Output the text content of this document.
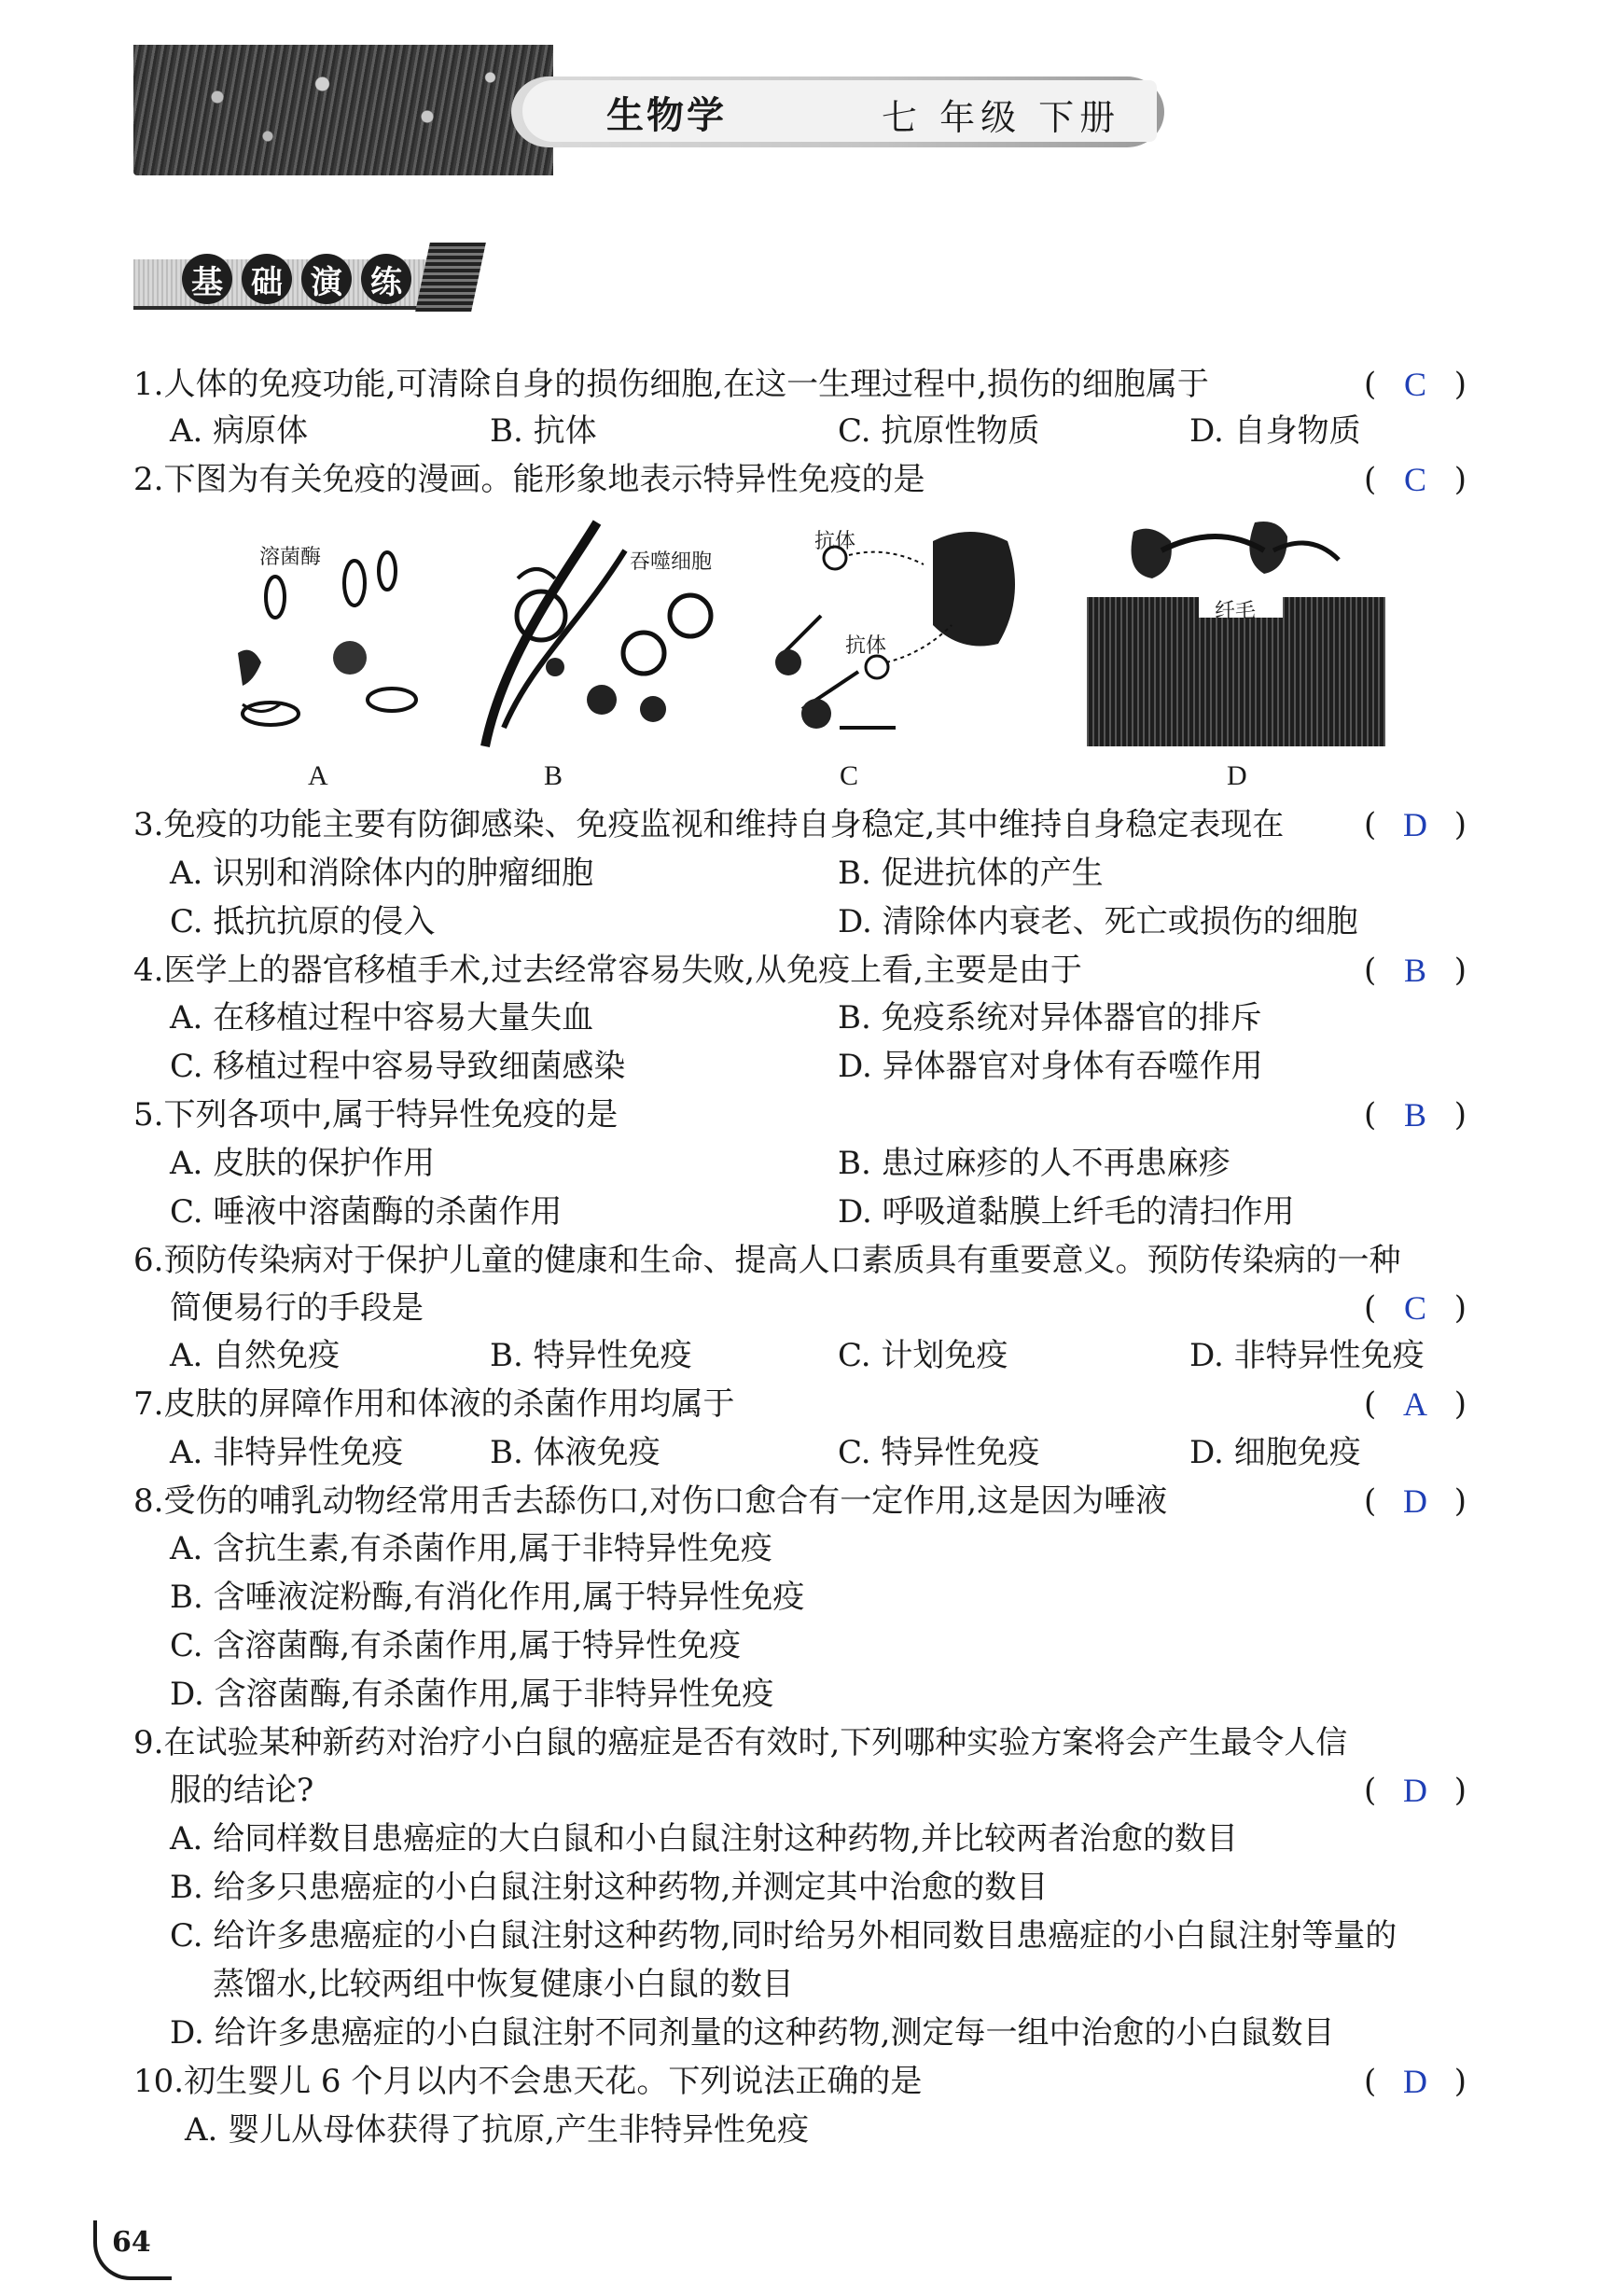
生物学	七 年级 下册
基 础 演 练
1.人体的免疫功能,可清除自身的损伤细胞,在这一生理过程中,损伤的细胞属于	( C )
A. 病原体	B. 抗体	C. 抗原性物质	D. 自身物质
2.下图为有关免疫的漫画。能形象地表示特异性免疫的是	( C )
溶菌酶	吞噬细胞
抗体
抗体
纤毛
A	B	C	D
3.免疫的功能主要有防御感染、免疫监视和维持自身稳定,其中维持自身稳定表现在	( D )
A. 识别和消除体内的肿瘤细胞	B. 促进抗体的产生
C. 抵抗抗原的侵入	D. 清除体内衰老、死亡或损伤的细胞
4.医学上的器官移植手术,过去经常容易失败,从免疫上看,主要是由于	( B )
A. 在移植过程中容易大量失血	B. 免疫系统对异体器官的排斥
C. 移植过程中容易导致细菌感染	D. 异体器官对身体有吞噬作用
5.下列各项中,属于特异性免疫的是	( B )
A. 皮肤的保护作用	B. 患过麻疹的人不再患麻疹
C. 唾液中溶菌酶的杀菌作用	D. 呼吸道黏膜上纤毛的清扫作用
6.预防传染病对于保护儿童的健康和生命、提高人口素质具有重要意义。预防传染病的一种
简便易行的手段是	( C )
A. 自然免疫	B. 特异性免疫	C. 计划免疫	D. 非特异性免疫
7.皮肤的屏障作用和体液的杀菌作用均属于	( A )
A. 非特异性免疫	B. 体液免疫	C. 特异性免疫	D. 细胞免疫
8.受伤的哺乳动物经常用舌去舔伤口,对伤口愈合有一定作用,这是因为唾液	( D )
A. 含抗生素,有杀菌作用,属于非特异性免疫
B. 含唾液淀粉酶,有消化作用,属于特异性免疫
C. 含溶菌酶,有杀菌作用,属于特异性免疫
D. 含溶菌酶,有杀菌作用,属于非特异性免疫
9.在试验某种新药对治疗小白鼠的癌症是否有效时,下列哪种实验方案将会产生最令人信
服的结论?	( D )
A. 给同样数目患癌症的大白鼠和小白鼠注射这种药物,并比较两者治愈的数目
B. 给多只患癌症的小白鼠注射这种药物,并测定其中治愈的数目
C. 给许多患癌症的小白鼠注射这种药物,同时给另外相同数目患癌症的小白鼠注射等量的
蒸馏水,比较两组中恢复健康小白鼠的数目
D. 给许多患癌症的小白鼠注射不同剂量的这种药物,测定每一组中治愈的小白鼠数目
10.初生婴儿 6 个月以内不会患天花。下列说法正确的是	( D )
A. 婴儿从母体获得了抗原,产生非特异性免疫
64
